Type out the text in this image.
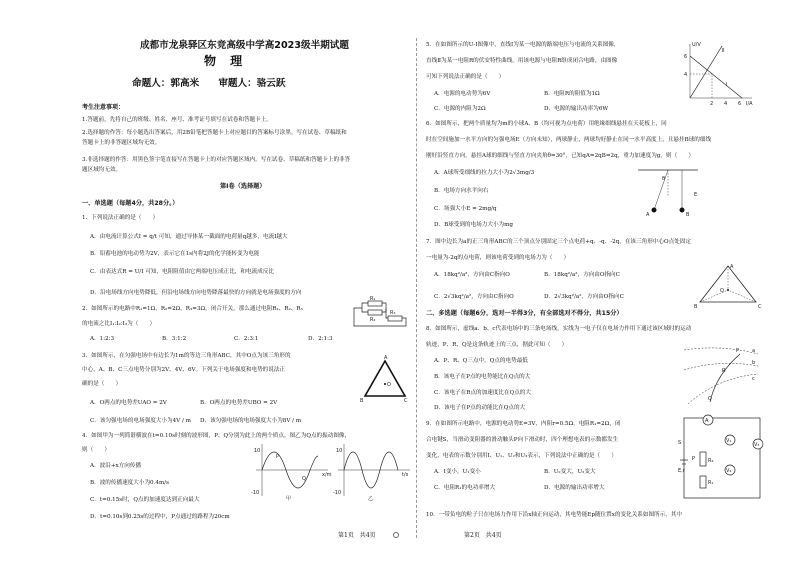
成都市龙泉驿区东竞高级中学高2023级半期试题
物 理
命题人：郭高米　　审题人：骆云跃
考生注意事项：
1.答题前，先将自己的班级、姓名、座号、准考证号填写在试卷和答题卡上。
2.选择题的作答：每小题选出答案后，用2B铅笔把答题卡上对应题目的答案标号涂黑。写在试卷、草稿纸和
答题卡上的非答题区域均无效。
3.非选择题的作答：用黑色签字笔直接写在答题卡上的对应答题区域内。写在试卷、草稿纸和答题卡上的非答
题区域均无效。
第Ⅰ卷（选择题）
一、单选题（每题4分，共28分。）
1．下列说法正确的是（　　）
A．由电流计算公式I = q/t 可知，通过导体某一截面的电荷量q越多，电流I越大
B．铅蓄电池的电动势为2V，表示它在1s内将2J的化学能转变为电能
C．由表达式R = U/I 可知，电阻阻值由它两端电压成正比，和电流成反比
D．沿电场线方向电势降低，但沿电场线方向电势降落最快的方向就是电场强度的方向
2．如图所示的电路中R₁=1Ω，R₂=2Ω，R₃=3Ω，闭合开关，那么通过电阻R₁、R₂、R₃
的电流之比I₁:I₂:I₃为（　　）
A．1:2:3	B．3:1:2	C．2:3:1	D．2:1:3
3．如图所示，在匀强电场中有边长为1m的等边三角形ABC，其中O点为该三角形的
中心，A、B、C三点电势分别为2V、4V、6V。下列关于电场强度和电势的说法正
确的是（　　）
A．O两点的电势差UAO = 2V	B．O两点的电势差UBO = 2V
C．该匀强电场的电场强度大小为4V / m D．该匀强电场的电场强度大小为8V / m
4．如图甲为一列简谐横波在t=0.10s时刻的波形图，P、Q分别为此上的两个质点，图乙为Q点的振动图像，
则（　　）
A．波沿+x方向传播
B．波的传播速度大小为0.4m/s
C．t=0.15s时，Q点的加速度达到正向最大
D．t=0.10s到0.25s的过程中，P点通过的路程为20cm
R₁
R₂
R₃
A
O
B	C
10
-10
P
Q
x/m
甲
10
-10
t/s
乙
第1页　共4页
5．在如图所示的U-I图像中，直线Ⅰ为某一电源的路端电压与电流的关系图像，
直线Ⅱ为某一电阻R的伏安特性曲线。用该电源与电阻R组成闭合电路，由图像
可知下列说法正确的是（　　）
A．电源的电动势为6V	B．电阻R的阻值为1Ω
C．电源的内阻为2Ω	D．电源的输出功率为6W
U/V
I/A
6
4
2 4 6
Ⅱ
Ⅰ
6．如图所示，把两个质量均为m的小球A、B（均可视为点电荷）用绝缘细线悬挂在天花板上，同
时在空间施加一水平方向的匀强电场E（方向未知），两球静止，两球均好静止在同一水平高度上，且悬挂B球的细线
刚好沿竖直方向，悬挂A球的细线与竖直方向夹角θ=30°，已知qA=2qB=2q，重力加速度为g，则（　　）
A．A球所受细线的拉力大小为2√3mg/3
B．电场方向水平向右
C．场强大小E = 2mg/q
D．B球受到的电场力大小为mg
A	B
E
θ
7．图中边长为a的正三角形ABC的三个顶点分别固定三个点电荷+q、-q、-2q，在该三角形中心O点处固定
一电量为-2q的点电荷，则该电荷受到的电场力为（　　）
A．18kq²/a²，方向由C指向O	B．18kq²/a²，方向由O指向C
C．2√3kq²/a²，方向由C指向O	D．2√3kq²/a²，方向由O指向C
A
B	C
O
二、多选题（每题6分，选对一半得3分，有全部选对不得分，共15分）
8．如图所示，虚线a、b、c代表电场中的三条电场线，实线为一电子仅在电场力作用下通过该区域时的运动
轨迹，P、R、Q是这条轨迹上的三点，据此可知（　　）
A．P、R、Q三点中，Q点的电势最低
B．该电子在P点的电势能比在Q点的大
C．该电子在R点的加速度比在Q点的大
D．该电子在P点的动能比在Q点的大
a
b
c
P
R
Q
9．在如图所示电路中，电源的电动势E=3V，内阻r=0.5Ω，电阻R₁=2Ω，闭
合电键S，当滑动变阻器的滑动触头P向下滑动时，四个理想电表的示数都发生
变化，电表的示数分别用I、U₁、U₂和U₃表示，下列说法中正确的是（　　）
A．I变小，U₁变小	B．U₂变大，U₃变大
C．电阻R₁的电功率增大	D．电源的输出功率增大
A
V₁
V₃
V₂
P	R₂
R₁
E,r
S
10．一带负电的粒子只在电场力作用下沿x轴正向运动，其电势能Ep随位置x的变化关系如图所示，其中
第2页　共4页
